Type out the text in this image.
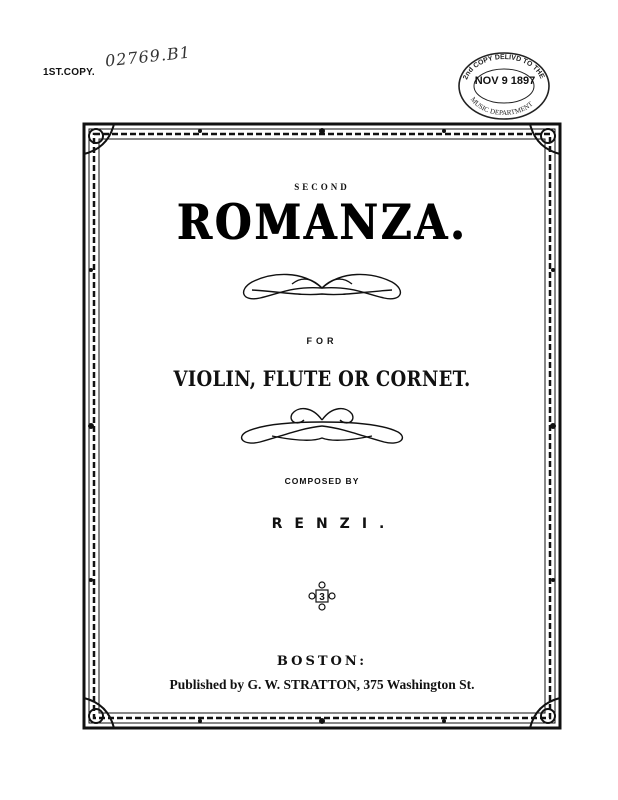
1ST.COPY.
02769.B1
2nd COPY DELIVD TO THE
MUSIC DEPARTMENT
NOV 9 1897
SECOND
ROMANZA.
FOR
VIOLIN, FLUTE OR CORNET.
COMPOSED BY
RENZI.
3
BOSTON:
Published by G. W. STRATTON, 375 Washington St.
